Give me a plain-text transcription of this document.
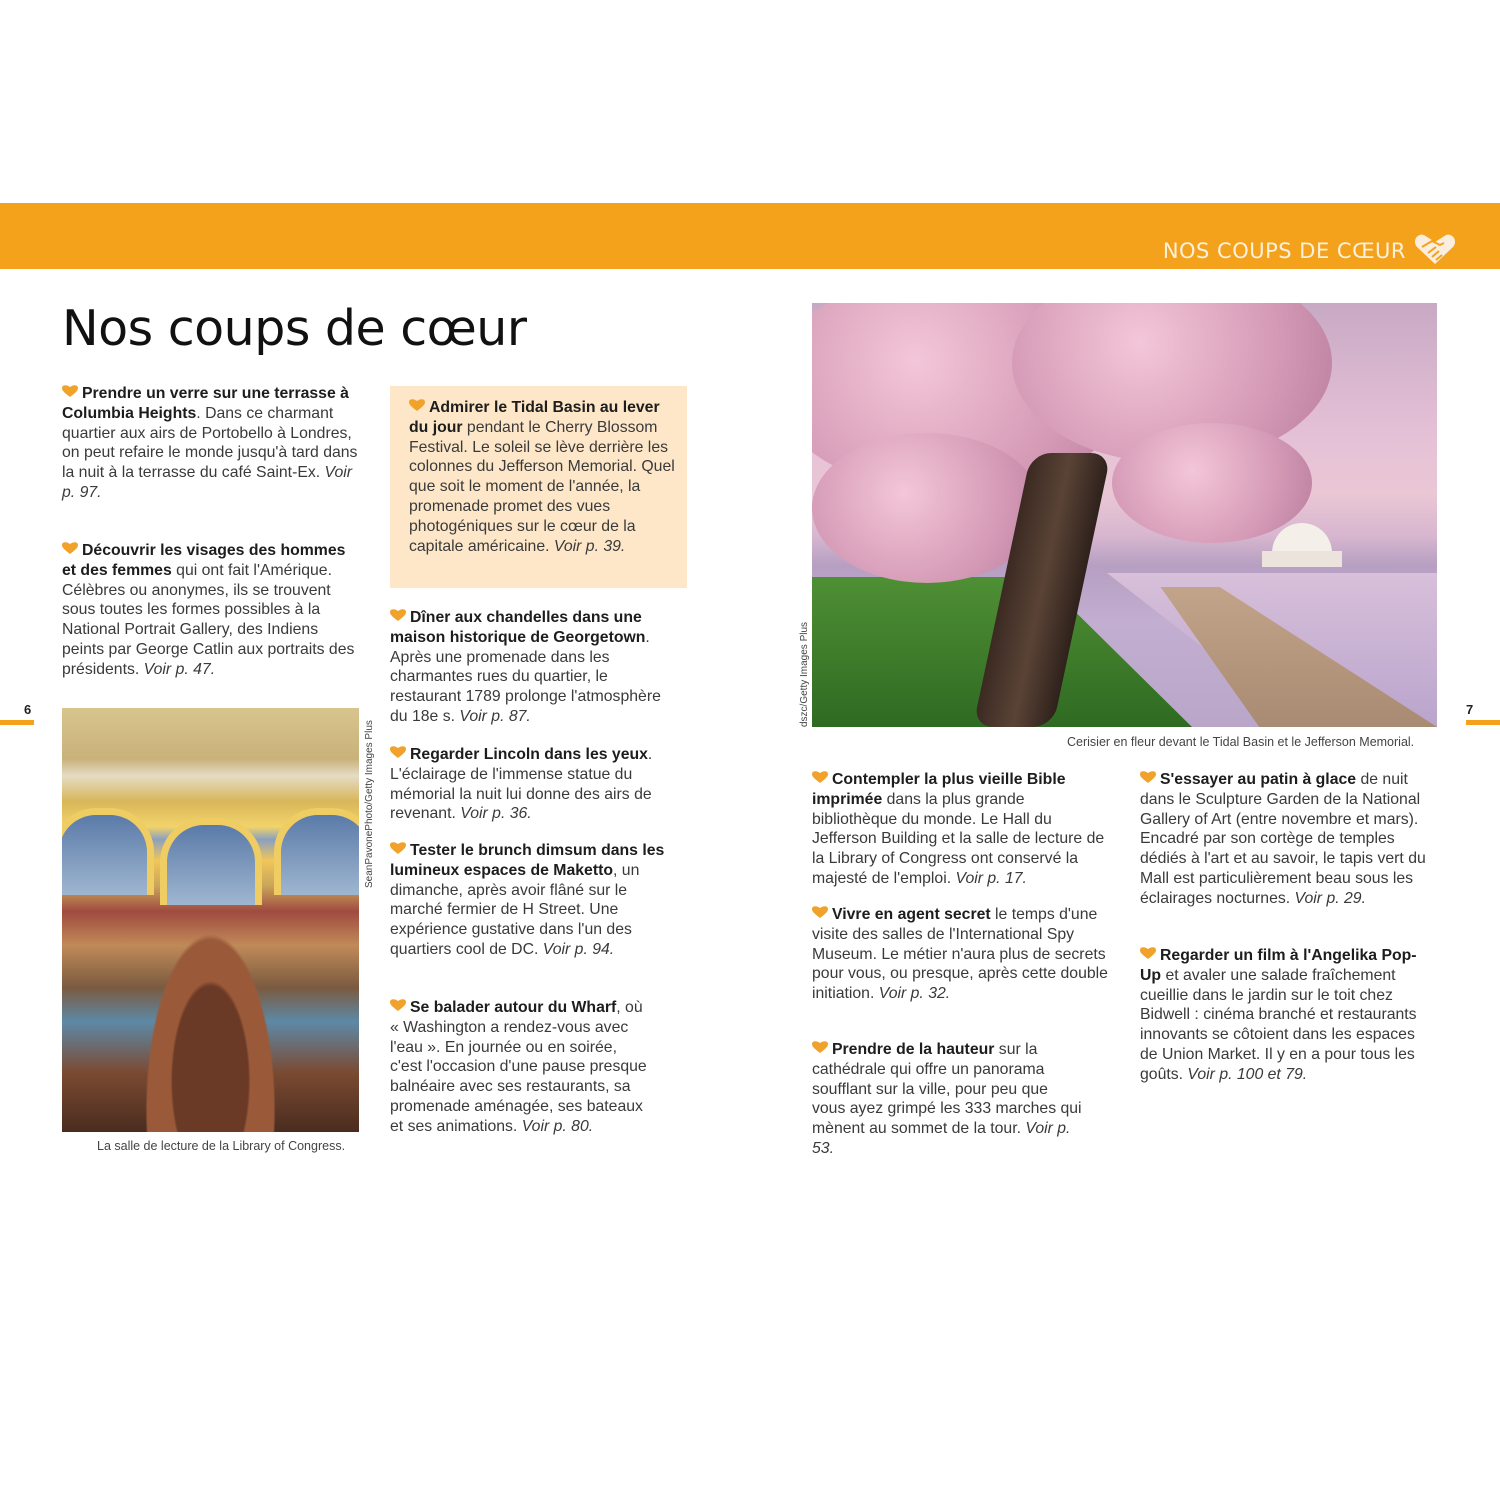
NOS COUPS DE CŒUR
Nos coups de cœur
Prendre un verre sur une terrasse à Columbia Heights. Dans ce charmant quartier aux airs de Portobello à Londres, on peut refaire le monde jusqu'à tard dans la nuit à la terrasse du café Saint-Ex. Voir p. 97.
Découvrir les visages des hommes et des femmes qui ont fait l'Amérique. Célèbres ou anonymes, ils se trouvent sous toutes les formes possibles à la National Portrait Gallery, des Indiens peints par George Catlin aux portraits des présidents. Voir p. 47.
6
SeanPavonePhoto/Getty Images Plus
La salle de lecture de la Library of Congress.
Admirer le Tidal Basin au lever du jour pendant le Cherry Blossom Festival. Le soleil se lève derrière les colonnes du Jefferson Memorial. Quel que soit le moment de l'année, la promenade promet des vues photogéniques sur le cœur de la capitale américaine. Voir p. 39.
Dîner aux chandelles dans une maison historique de Georgetown. Après une promenade dans les charmantes rues du quartier, le restaurant 1789 prolonge l'atmosphère du 18e s. Voir p. 87.
Regarder Lincoln dans les yeux. L'éclairage de l'immense statue du mémorial la nuit lui donne des airs de revenant. Voir p. 36.
Tester le brunch dimsum dans les lumineux espaces de Maketto, un dimanche, après avoir flâné sur le marché fermier de H Street. Une expérience gustative dans l'un des quartiers cool de DC. Voir p. 94.
Se balader autour du Wharf, où « Washington a rendez-vous avec l'eau ». En journée ou en soirée, c'est l'occasion d'une pause presque balnéaire avec ses restaurants, sa promenade aménagée, ses bateaux et ses animations. Voir p. 80.
dszc/Getty Images Plus
Cerisier en fleur devant le Tidal Basin et le Jefferson Memorial.
7
Contempler la plus vieille Bible imprimée dans la plus grande bibliothèque du monde. Le Hall du Jefferson Building et la salle de lecture de la Library of Congress ont conservé la majesté de l'emploi. Voir p. 17.
Vivre en agent secret le temps d'une visite des salles de l'International Spy Museum. Le métier n'aura plus de secrets pour vous, ou presque, après cette double initiation. Voir p. 32.
Prendre de la hauteur sur la cathédrale qui offre un panorama soufflant sur la ville, pour peu que vous ayez grimpé les 333 marches qui mènent au sommet de la tour. Voir p. 53.
S'essayer au patin à glace de nuit dans le Sculpture Garden de la National Gallery of Art (entre novembre et mars). Encadré par son cortège de temples dédiés à l'art et au savoir, le tapis vert du Mall est particulièrement beau sous les éclairages nocturnes. Voir p. 29.
Regarder un film à l'Angelika Pop-Up et avaler une salade fraîchement cueillie dans le jardin sur le toit chez Bidwell : cinéma branché et restaurants innovants se côtoient dans les espaces de Union Market. Il y en a pour tous les goûts. Voir p. 100 et 79.
